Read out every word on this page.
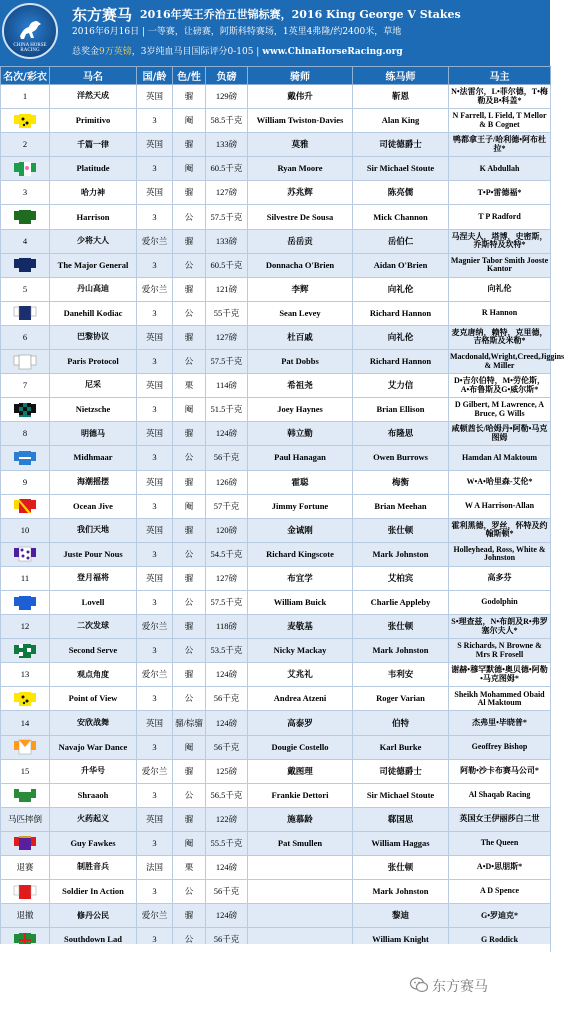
CHINA HORSE RACING
东方赛马 2016年英王乔治五世锦标赛，2016 King George V Stakes
2016年6月16日 | 一等赛，让磅赛，阿斯科特赛场，1英里4弗隆/约2400米，草地
总奖金9万英镑，3岁纯血马目国际评分0-105 | www.ChinaHorseRacing.org
名次/彩衣	马名	国/龄	色/性	负磅	骑师	练马师	马主
1	洋然天成	英国	骝	129磅	戴伟升	靳恩	N•法雷尔，L•菲尔德，T•梅勒及B•科盖*
	Primitivo	3	阉	58.5千克	William Twiston-Davies	Alan King	N Farrell, L Field, T Mellor & B Cognet
2	千篇一律	英国	骝	133磅	莫雅	司徒德爵士	鸭都拿王子/哈利德•阿布杜拉*
	Platitude	3	阉	60.5千克	Ryan Moore	Sir Michael Stoute	K Abdullah
3	哈力神	英国	骝	127磅	苏兆辉	陈亮儒	T•P•雷德福*
	Harrison	3	公	57.5千克	Silvestre De Sousa	Mick Channon	T P Radford
4	少将大人	爱尔兰	骝	133磅	岳岳贡	岳伯仁	马涅夫人，塔博，史密斯，乔斯特及坎特*
	The Major General	3	公	60.5千克	Donnacha O'Brien	Aidan O'Brien	Magnier Tabor Smith Jooste Kantor
5	丹山高迪	爱尔兰	骝	121磅	李辉	向礼伦	向礼伦
	Danehill Kodiac	3	公	55千克	Sean Levey	Richard Hannon	R Hannon
6	巴黎协议	英国	骝	127磅	杜百戚	向礼伦	麦克唐纳，赖特，克里德，吉格斯及米勒*
	Paris Protocol	3	公	57.5千克	Pat Dobbs	Richard Hannon	Macdonald,Wright,Creed,Jiggins & Miller
7	尼采	英国	栗	114磅	希祖尧	艾力信	D•吉尔伯特，M•劳伦斯，A•布鲁斯及G•威尔斯*
	Nietzsche	3	阉	51.5千克	Joey Haynes	Brian Ellison	D Gilbert, M Lawrence, A Bruce, G Wills
8	明德马	英国	骝	124磅	韩立勤	布隆思	咸顿酋长/哈姆丹•阿勒•马克图姆
	Midhmaar	3	公	56千克	Paul Hanagan	Owen Burrows	Hamdan Al Maktoum
9	海潮摇摆	英国	骝	126磅	霍聪	梅衡	W•A•哈里森-艾伦*
	Ocean Jive	3	阉	57千克	Jimmy Fortune	Brian Meehan	W A Harrison-Allan
10	我们天地	英国	骝	120磅	金诚刚	张仕顿	霍利黑德，罗丝，怀特及约翰斯顿*
	Juste Pour Nous	3	公	54.5千克	Richard Kingscote	Mark Johnston	Holleyhead, Ross, White & Johnston
11	登月福将	英国	骝	127磅	布宜学	艾柏宾	高多芬
	Lovell	3	公	57.5千克	William Buick	Charlie Appleby	Godolphin
12	二次发球	爱尔兰	骝	118磅	麦敬基	张仕顿	S•理查兹，N•布朗及R•弗罗塞尔夫人*
	Second Serve	3	公	53.5千克	Nicky Mackay	Mark Johnston	S Richards, N Browne & Mrs R Frosell
13	观点角度	爱尔兰	骝	124磅	艾兆礼	韦利安	谢赫•穆罕默德•奥贝德•阿勒•马克图姆*
	Point of View	3	公	56千克	Andrea Atzeni	Roger Varian	Sheikh Mohammed Obaid Al Maktoum
14	安欣战舞	英国	骝/棕骝	124磅	高泰罗	伯特	杰弗里•毕晓普*
	Navajo War Dance	3	阉	56千克	Dougie Costello	Karl Burke	Geoffrey Bishop
15	升华号	爱尔兰	骝	125磅	戴图理	司徒德爵士	阿勒•沙卡布赛马公司*
	Shraaoh	3	公	56.5千克	Frankie Dettori	Sir Michael Stoute	Al Shaqab Racing
马匹摔倒	火药起义	英国	骝	122磅	施慕龄	郗国思	英国女王伊丽莎白二世
	Guy Fawkes	3	阉	55.5千克	Pat Smullen	William Haggas	The Queen
退赛	制胜音兵	法国	栗	124磅		张仕顿	A•D•思朋斯*
	Soldier In Action	3	公	56千克		Mark Johnston	A D Spence
退撤	修丹公民	爱尔兰	骝	124磅		黎迪	G•罗迪克*
	Southdown Lad	3	公	56千克		William Knight	G Roddick
东方赛马
